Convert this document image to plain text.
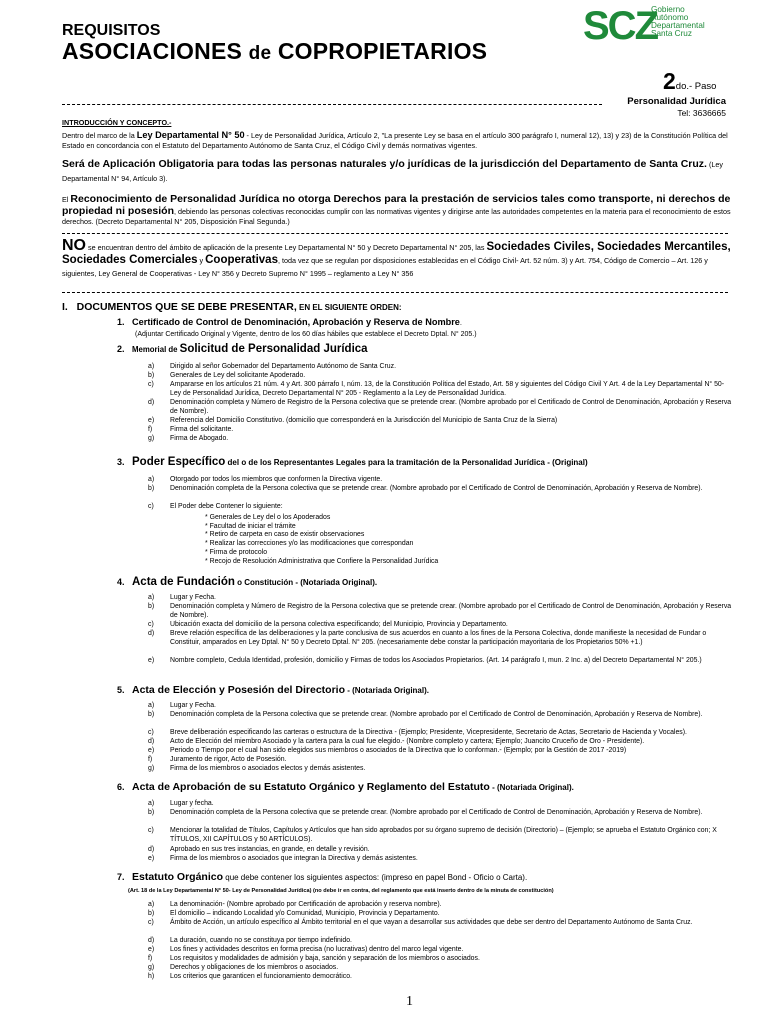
REQUISITOS
ASOCIACIONES de COPROPIETARIOS
SCZ
Gobierno
Autónomo
Departamental
Santa Cruz
2do.- Paso
Personalidad Jurídica
Tel: 3636665
INTRODUCCIÓN Y CONCEPTO.-
Dentro del marco de la Ley Departamental N° 50 - Ley de Personalidad Jurídica, Artículo 2, "La presente Ley se basa en el artículo 300 parágrafo I, numeral 12), 13) y 23) de la Constitución Política del Estado en concordancia con el Estatuto del Departamento Autónomo de Santa Cruz, el Código Civil y demás normativas vigentes.
Será de Aplicación Obligatoria para todas las personas naturales y/o jurídicas de la jurisdicción del Departamento de Santa Cruz. (Ley Departamental N° 94, Artículo 3).
El Reconocimiento de Personalidad Jurídica no otorga Derechos para la prestación de servicios tales como transporte, ni derechos de propiedad ni posesión, debiendo las personas colectivas reconocidas cumplir con las normativas vigentes y dirigirse ante las autoridades competentes en la materia para el reconocimiento de estos derechos. (Decreto Departamental N° 205, Disposición Final Segunda.)
NO se encuentran dentro del ámbito de aplicación de la presente Ley Departamental N° 50 y Decreto Departamental N° 205, las Sociedades Civiles, Sociedades Mercantiles, Sociedades Comerciales y Cooperativas, toda vez que se regulan por disposiciones establecidas en el Código Civil- Art. 52 núm. 3) y Art. 754, Código de Comercio – Art. 126 y siguientes, Ley General de Cooperativas - Ley N° 356 y Decreto Supremo N° 1995 – reglamento a Ley N° 356
I. DOCUMENTOS QUE SE DEBE PRESENTAR, EN EL SIGUIENTE ORDEN:
1. Certificado de Control de Denominación, Aprobación y Reserva de Nombre.
(Adjuntar Certificado Original y Vigente, dentro de los 60 días hábiles que establece el Decreto Dptal. N° 205.)
2. Memorial de Solicitud de Personalidad Jurídica
a)	Dirigido al señor Gobernador del Departamento Autónomo de Santa Cruz.
b)	Generales de Ley del solicitante Apoderado.
c)	Ampararse en los artículos 21 núm. 4 y Art. 300 párrafo I, núm. 13, de la Constitución Política del Estado, Art. 58 y siguientes del Código Civil Y Art. 4 de la Ley Departamental N° 50- Ley de Personalidad Jurídica, Decreto Departamental N° 205 - Reglamento a la Ley de Personalidad Jurídica.
d)	Denominación completa y Número de Registro de la Persona colectiva que se pretende crear. (Nombre aprobado por el Certificado de Control de Denominación, Aprobación y Reserva de Nombre).
e)	Referencia del Domicilio Constitutivo. (domicilio que corresponderá en la Jurisdicción del Municipio de Santa Cruz de la Sierra)
f)	Firma del solicitante.
g)	Firma de Abogado.
3. Poder Específico del o de los Representantes Legales para la tramitación de la Personalidad Jurídica - (Original)
a)	Otorgado por todos los miembros que conformen la Directiva vigente.
b)	Denominación completa de la Persona colectiva que se pretende crear. (Nombre aprobado por el Certificado de Control de Denominación, Aprobación y Reserva de Nombre).
c)	El Poder debe Contener lo siguiente:
* Generales de Ley del o los Apoderados
* Facultad de iniciar el trámite
* Retiro de carpeta en caso de existir observaciones
* Realizar las correcciones y/o las modificaciones que correspondan
* Firma de protocolo
* Recojo de Resolución Administrativa que Confiere la Personalidad Jurídica
4. Acta de Fundación o Constitución - (Notariada Original).
a)	Lugar y Fecha.
b)	Denominación completa y Número de Registro de la Persona colectiva que se pretende crear. (Nombre aprobado por el Certificado de Control de Denominación, Aprobación y Reserva de Nombre).
c)	Ubicación exacta del domicilio de la persona colectiva especificando; del Municipio, Provincia y Departamento.
d)	Breve relación específica de las deliberaciones y la parte conclusiva de sus acuerdos en cuanto a los fines de la Persona Colectiva, donde manifieste la necesidad de Fundar o Constituir, amparados en Ley Dptal. N° 50 y Decreto Dptal. N° 205. (necesariamente debe constar la participación mayoritaria de los Propietarios 50% +1.)
e)	Nombre completo, Cedula Identidad, profesión, domicilio y Firmas de todos los Asociados Propietarios. (Art. 14 parágrafo I, mun. 2 Inc. a) del Decreto Departamental N° 205.)
5. Acta de Elección y Posesión del Directorio - (Notariada Original).
a)	Lugar y Fecha.
b)	Denominación completa de la Persona colectiva que se pretende crear. (Nombre aprobado por el Certificado de Control de Denominación, Aprobación y Reserva de Nombre).
c)	Breve deliberación especificando las carteras o estructura de la Directiva - (Ejemplo; Presidente, Vicepresidente, Secretario de Actas, Secretario de Hacienda y Vocales).
d)	Acto de Elección del miembro Asociado y la cartera para la cual fue elegido.- (Nombre completo y cartera; Ejemplo; Juancito Cruceño de Oro - Presidente).
e)	Periodo o Tiempo por el cual han sido elegidos sus miembros o asociados de la Directiva que lo conforman.- (Ejemplo; por la Gestión de 2017 -2019)
f)	Juramento de rigor, Acto de Posesión.
g)	Firma de los miembros o asociados electos y demás asistentes.
6. Acta de Aprobación de su Estatuto Orgánico y Reglamento del Estatuto - (Notariada Original).
a)	Lugar y fecha.
b)	Denominación completa de la Persona colectiva que se pretende crear. (Nombre aprobado por el Certificado de Control de Denominación, Aprobación y Reserva de Nombre).
c)	Mencionar la totalidad de Títulos, Capítulos y Artículos que han sido aprobados por su órgano supremo de decisión (Directorio) – (Ejemplo; se aprueba el Estatuto Orgánico con; X TÍTULOS, XII CAPÍTULOS y 50 ARTÍCULOS).
d)	Aprobado en sus tres instancias, en grande, en detalle y revisión.
e)	Firma de los miembros o asociados que integran la Directiva y demás asistentes.
7. Estatuto Orgánico que debe contener los siguientes aspectos: (impreso en papel Bond - Oficio o Carta).
(Art. 18 de la Ley Departamental N° 50- Ley de Personalidad Jurídica) (no debe ir en contra, del reglamento que está inserto dentro de la minuta de constitución)
a)	La denominación- (Nombre aprobado por Certificación de aprobación y reserva nombre).
b)	El domicilio – indicando Localidad y/o Comunidad, Municipio, Provincia y Departamento.
c)	Ámbito de Acción, un artículo específico al Ámbito territorial en el que vayan a desarrollar sus actividades que debe ser dentro del Departamento Autónomo de Santa Cruz.
d)	La duración, cuando no se constituya por tiempo indefinido.
e)	Los fines y actividades descritos en forma precisa (no lucrativas) dentro del marco legal vigente.
f)	Los requisitos y modalidades de admisión y baja, sanción y separación de los miembros o asociados.
g)	Derechos y obligaciones de los miembros o asociados.
h)	Los criterios que garanticen el funcionamiento democrático.
1
